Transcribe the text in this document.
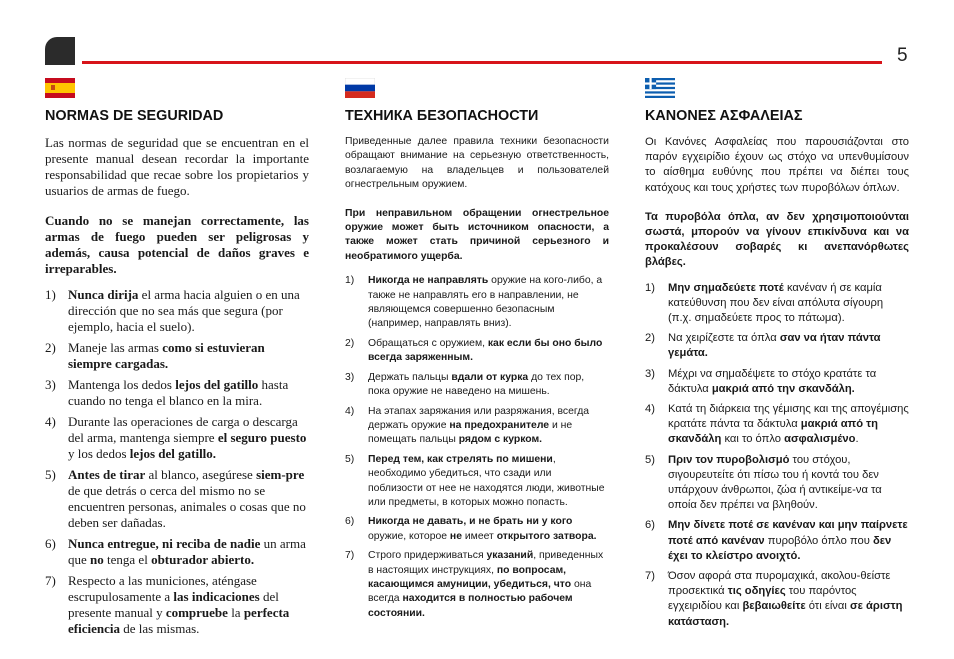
5
NORMAS DE SEGURIDAD

Las normas de seguridad que se encuentran en el presente manual desean recordar la importante responsabilidad que recae sobre los propietarios y usuarios de armas de fuego.

Cuando no se manejan correctamente, las armas de fuego pueden ser peligrosas y además, causa potencial de daños graves e irreparables.

1) Nunca dirija el arma hacia alguien o en una dirección que no sea más que segura (por ejemplo, hacia el suelo).
2) Maneje las armas como si estuvieran siempre cargadas.
3) Mantenga los dedos lejos del gatillo hasta cuando no tenga el blanco en la mira.
4) Durante las operaciones de carga o descarga del arma, mantenga siempre el seguro puesto y los dedos lejos del gatillo.
5) Antes de tirar al blanco, asegúrese siem-pre de que detrás o cerca del mismo no se encuentren personas, animales o cosas que no deben ser dañadas.
6) Nunca entregue, ni reciba de nadie un arma que no tenga el obturador abierto.
7) Respecto a las municiones, aténgase escrupulosamente a las indicaciones del presente manual y compruebe la perfecta eficiencia de las mismas.
ТЕХНИКА БЕЗОПАСНОСТИ

Приведенные далее правила техники безопасности обращают внимание на серьезную ответственность, возлагаемую на владельцев и пользователей огнестрельным оружием.

При неправильном обращении огнестрельное оружие может быть источником опасности, а также может стать причиной серьезного и необратимого ущерба.

1) Никогда не направлять оружие на кого-либо, а также не направлять его в направлении, не являющемся совершенно безопасным (например, направлять вниз).
2) Обращаться с оружием, как если бы оно было всегда заряженным.
3) Держать пальцы вдали от курка до тех пор, пока оружие не наведено на мишень.
4) На этапах заряжания или разряжания, всегда держать оружие на предохранителе и не помещать пальцы рядом с курком.
5) Перед тем, как стрелять по мишени, необходимо убедиться, что сзади или поблизости от нее не находятся люди, животные или предметы, в которых можно попасть.
6) Никогда не давать, и не брать ни у кого оружие, которое не имеет открытого затвора.
7) Строго придерживаться указаний, приведенных в настоящих инструкциях, по вопросам, касающимся амуниции, убедиться, что она всегда находится в полностью рабочем состоянии.
ΚΑΝΟΝΕΣ ΑΣΦΑΛΕΙΑΣ

Οι Κανόνες Ασφαλείας που παρουσιάζονται στο παρόν εγχειρίδιο έχουν ως στόχο να υπενθυμίσουν το αίσθημα ευθύνης που πρέπει να διέπει τους κατόχους και τους χρήστες των πυροβόλων όπλων.

Τα πυροβόλα όπλα, αν δεν χρησιμοποιούνται σωστά, μπορούν να γίνουν επικίνδυνα και να προκαλέσουν σοβαρές κι ανεπανόρθωτες βλάβες.

1) Μην σημαδεύετε ποτέ κανέναν ή σε καμία κατεύθυνση που δεν είναι απόλυτα σίγουρη (π.χ. σημαδεύετε προς το πάτωμα).
2) Να χειρίζεστε τα όπλα σαν να ήταν πάντα γεμάτα.
3) Μέχρι να σημαδέψετε το στόχο κρατάτε τα δάκτυλα μακριά από την σκανδάλη.
4) Κατά τη διάρκεια της γέμισης και της απογέμισης κρατάτε πάντα τα δάκτυλα μακριά από τη σκανδάλη και το όπλο ασφαλισμένο.
5) Πριν τον πυροβολισμό του στόχου, σιγουρευτείτε ότι πίσω του ή κοντά του δεν υπάρχουν άνθρωποι, ζώα ή αντικείμε-να τα οποία δεν πρέπει να βληθούν.
6) Μην δίνετε ποτέ σε κανέναν και μην παίρνετε ποτέ από κανέναν πυροβόλο όπλο που δεν έχει το κλείστρο ανοιχτό.
7) Όσον αφορά στα πυρομαχικά, ακολου-θείστε προσεκτικά τις οδηγίες του παρόντος εγχειριδίου και βεβαιωθείτε ότι είναι σε άριστη κατάσταση.
